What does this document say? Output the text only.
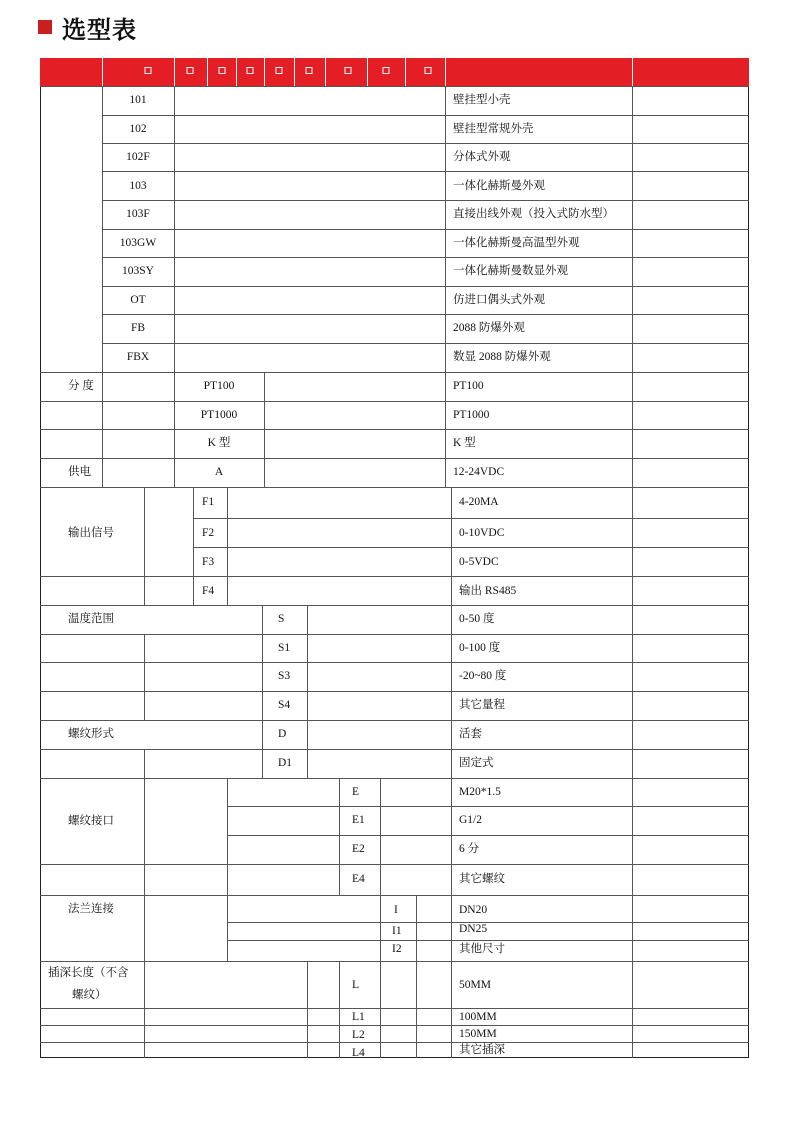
选型表
101	壁挂型小壳
102	壁挂型常规外壳
102F	分体式外观
103	一体化赫斯曼外观
103F	直接出线外观（投入式防水型）
103GW	一体化赫斯曼高温型外观
103SY	一体化赫斯曼数显外观
OT	仿进口偶头式外观
FB	2088 防爆外观
FBX	数显 2088 防爆外观
分 度	PT100	PT100
PT1000	PT1000
K 型	K 型
供电	A	12-24VDC
输出信号
F1	4-20MA
F2	0-10VDC
F3	0-5VDC
F4	输出 RS485
温度范围	S	0-50 度
S1	0-100 度
S3	-20~80 度
S4	其它量程
螺纹形式	D	活套
D1	固定式
螺纹接口
E	M20*1.5
E1	G1/2
E2	6 分
E4	其它螺纹
法兰连接	I	DN20
I1	DN25
I2	其他尺寸
插深长度（不含
螺纹）
L	50MM
L1	100MM
L2	150MM
L4	其它插深
